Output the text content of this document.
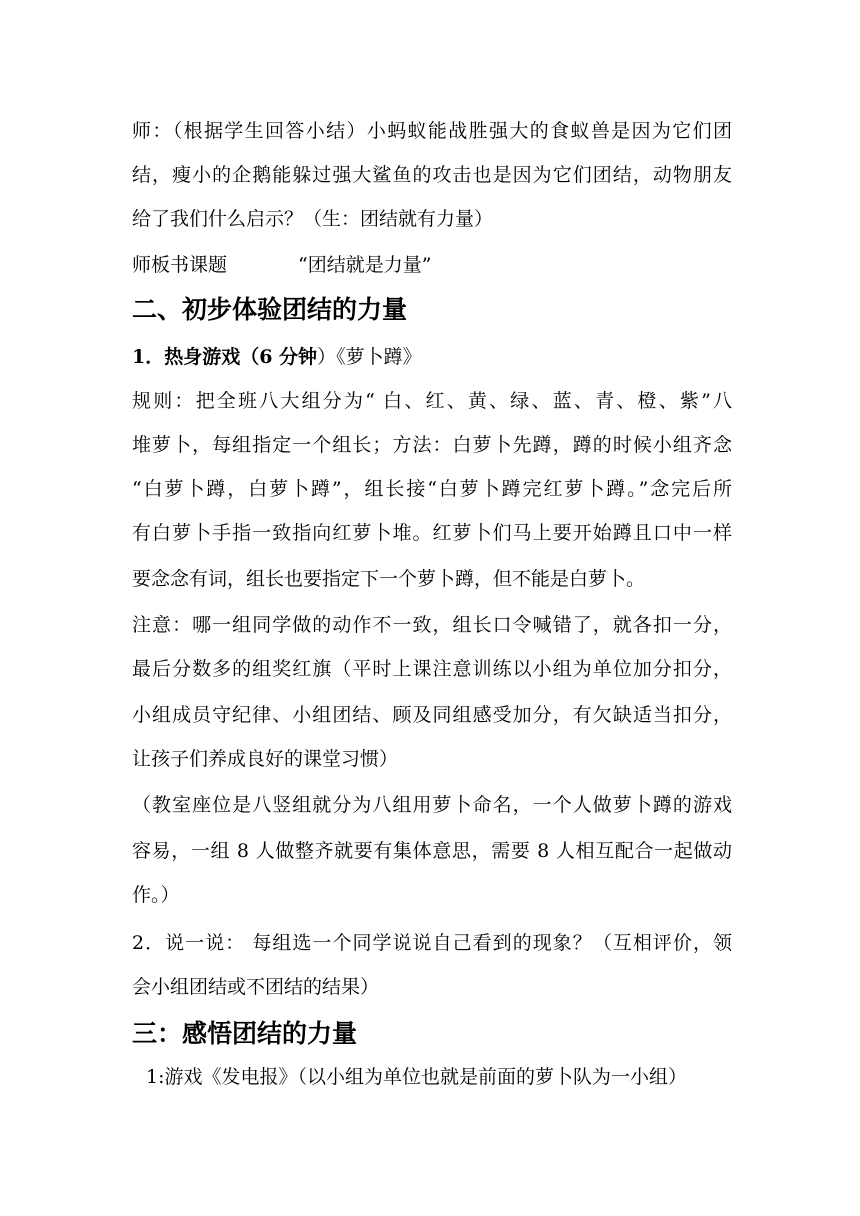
师：（根据学生回答小结）小蚂蚁能战胜强大的食蚁兽是因为它们团
结，瘦小的企鹅能躲过强大鲨鱼的攻击也是因为它们团结，动物朋友
给了我们什么启示？（生：团结就有力量）
师板书课题	“团结就是力量”
二、初步体验团结的力量
1．热身游戏（6 分钟）《萝卜蹲》
规则：把全班八大组分为“ 白、红、黄、绿、蓝、青、橙、紫”八
堆萝卜，每组指定一个组长；方法：白萝卜先蹲，蹲的时候小组齐念
“白萝卜蹲，白萝卜蹲”，组长接“白萝卜蹲完红萝卜蹲。”念完后所
有白萝卜手指一致指向红萝卜堆。红萝卜们马上要开始蹲且口中一样
要念念有词，组长也要指定下一个萝卜蹲，但不能是白萝卜。
注意：哪一组同学做的动作不一致，组长口令喊错了，就各扣一分，
最后分数多的组奖红旗（平时上课注意训练以小组为单位加分扣分，
小组成员守纪律、小组团结、顾及同组感受加分，有欠缺适当扣分，
让孩子们养成良好的课堂习惯）
（教室座位是八竖组就分为八组用萝卜命名，一个人做萝卜蹲的游戏
容易，一组 8 人做整齐就要有集体意思，需要 8 人相互配合一起做动
作。）
2．说一说： 每组选一个同学说说自己看到的现象？（互相评价，领
会小组团结或不团结的结果）
三：感悟团结的力量
1:游戏《发电报》（以小组为单位也就是前面的萝卜队为一小组）
